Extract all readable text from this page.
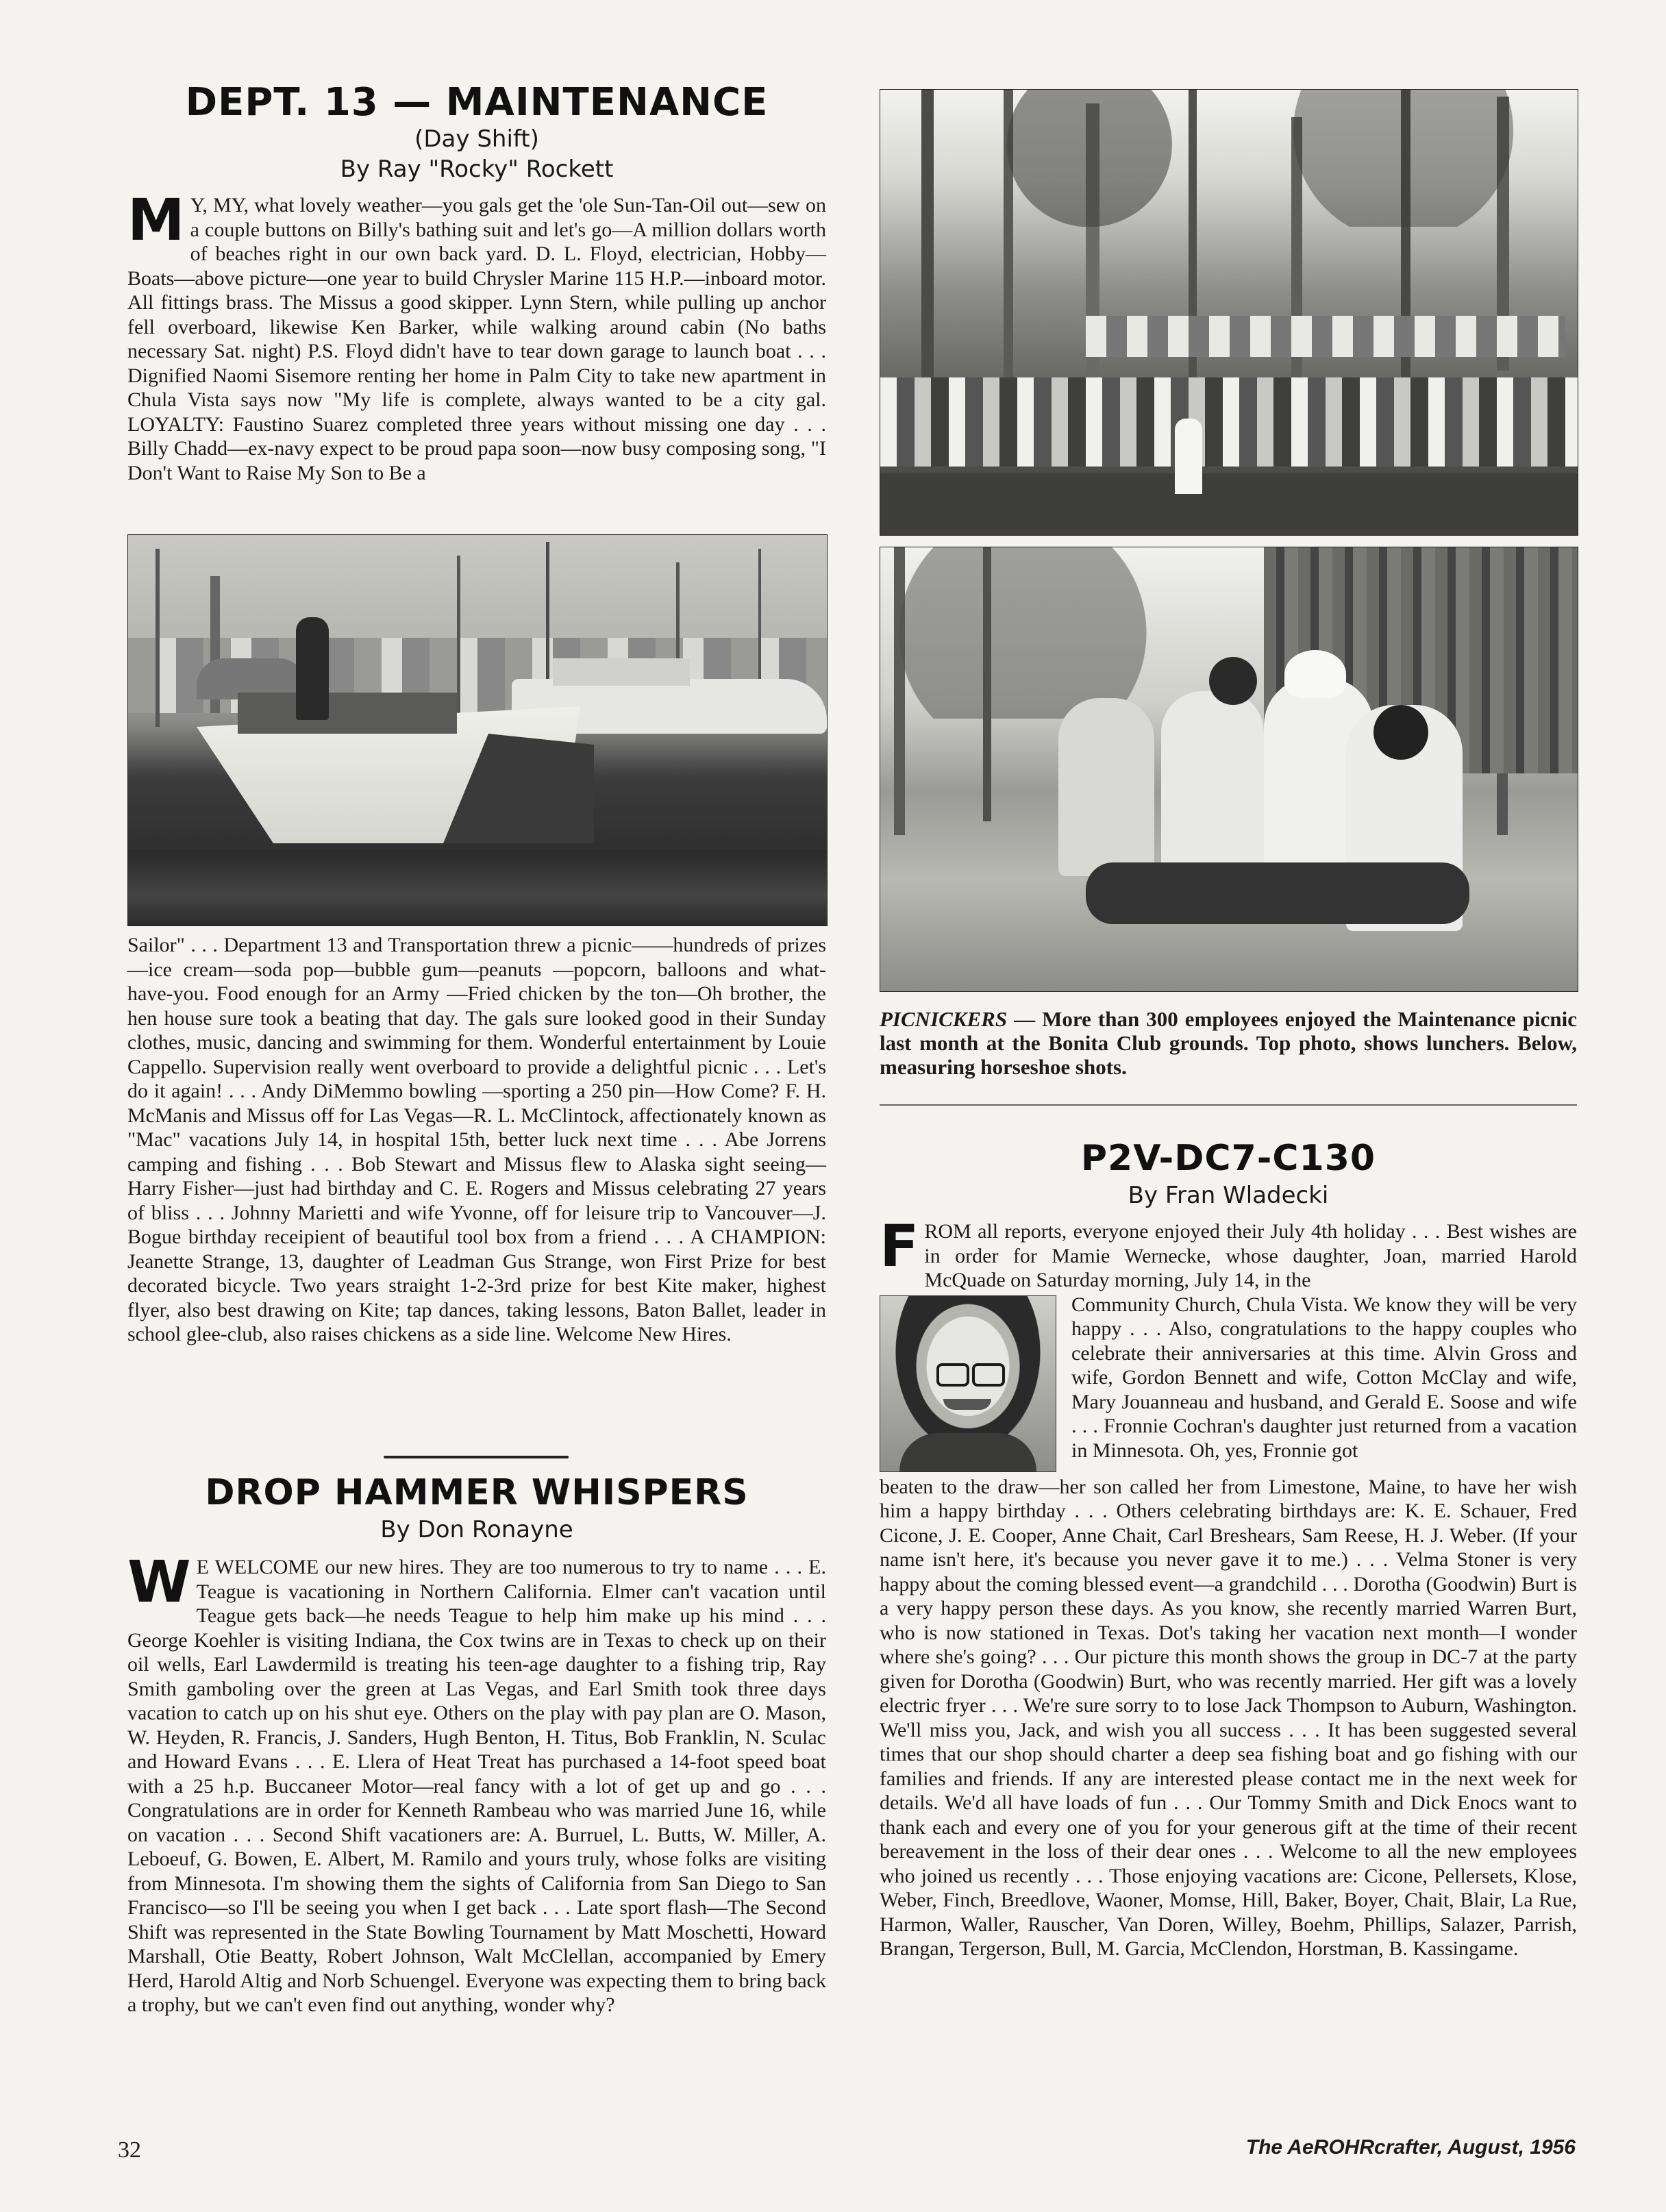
DEPT. 13 — MAINTENANCE
(Day Shift)
By Ray "Rocky" Rockett

M Y, MY, what lovely weather—you gals get the 'ole Sun-Tan-Oil out—sew on a couple buttons on Billy's bathing suit and let's go—A million dollars worth of beaches right in our own back yard. D. L. Floyd, electrician, Hobby—Boats—above picture—one year to build Chrysler Marine 115 H.P.—inboard motor. All fittings brass. The Missus a good skipper. Lynn Stern, while pulling up anchor fell overboard, likewise Ken Barker, while walking around cabin (No baths necessary Sat. night) P.S. Floyd didn't have to tear down garage to launch boat . . . Dignified Naomi Sisemore renting her home in Palm City to take new apartment in Chula Vista says now "My life is complete, always wanted to be a city gal. LOYALTY: Faustino Suarez completed three years without missing one day . . . Billy Chadd—ex-navy expect to be proud papa soon—now busy composing song, "I Don't Want to Raise My Son to Be a

Sailor" . . . Department 13 and Transportation threw a picnic——hundreds of prizes—ice cream—soda pop—bubble gum—peanuts —popcorn, balloons and what-have-you. Food enough for an Army —Fried chicken by the ton—Oh brother, the hen house sure took a beating that day. The gals sure looked good in their Sunday clothes, music, dancing and swimming for them. Wonderful entertainment by Louie Cappello. Supervision really went overboard to provide a delightful picnic . . . Let's do it again! . . . Andy DiMemmo bowling —sporting a 250 pin—How Come? F. H. McManis and Missus off for Las Vegas—R. L. McClintock, affectionately known as "Mac" vacations July 14, in hospital 15th, better luck next time . . . Abe Jorrens camping and fishing . . . Bob Stewart and Missus flew to Alaska sight seeing—Harry Fisher—just had birthday and C. E. Rogers and Missus celebrating 27 years of bliss . . . Johnny Marietti and wife Yvonne, off for leisure trip to Vancouver—J. Bogue birthday receipient of beautiful tool box from a friend . . . A CHAMPION: Jeanette Strange, 13, daughter of Leadman Gus Strange, won First Prize for best decorated bicycle. Two years straight 1-2-3rd prize for best Kite maker, highest flyer, also best drawing on Kite; tap dances, taking lessons, Baton Ballet, leader in school glee-club, also raises chickens as a side line. Welcome New Hires.

DROP HAMMER WHISPERS
By Don Ronayne

W E WELCOME our new hires. They are too numerous to try to name . . . E. Teague is vacationing in Northern California. Elmer can't vacation until Teague gets back—he needs Teague to help him make up his mind . . . George Koehler is visiting Indiana, the Cox twins are in Texas to check up on their oil wells, Earl Lawdermild is treating his teen-age daughter to a fishing trip, Ray Smith gamboling over the green at Las Vegas, and Earl Smith took three days vacation to catch up on his shut eye. Others on the play with pay plan are O. Mason, W. Heyden, R. Francis, J. Sanders, Hugh Benton, H. Titus, Bob Franklin, N. Sculac and Howard Evans . . . E. Llera of Heat Treat has purchased a 14-foot speed boat with a 25 h.p. Buccaneer Motor—real fancy with a lot of get up and go . . . Congratulations are in order for Kenneth Rambeau who was married June 16, while on vacation . . . Second Shift vacationers are: A. Burruel, L. Butts, W. Miller, A. Leboeuf, G. Bowen, E. Albert, M. Ramilo and yours truly, whose folks are visiting from Minnesota. I'm showing them the sights of California from San Diego to San Francisco—so I'll be seeing you when I get back . . . Late sport flash—The Second Shift was represented in the State Bowling Tournament by Matt Moschetti, Howard Marshall, Otie Beatty, Robert Johnson, Walt McClellan, accompanied by Emery Herd, Harold Altig and Norb Schuengel. Everyone was expecting them to bring back a trophy, but we can't even find out anything, wonder why?

PICNICKERS — More than 300 employees enjoyed the Maintenance picnic last month at the Bonita Club grounds. Top photo, shows lunchers. Below, measuring horseshoe shots.
P2V-DC7-C130
By Fran Wladecki

FROM all reports, everyone enjoyed their July 4th holiday . . . Best wishes are in order for Mamie Wernecke, whose daughter, Joan, married Harold McQuade on Saturday morning, July 14, in the

Community Church, Chula Vista. We know they will be very happy . . . Also, congratulations to the happy couples who celebrate their anniversaries at this time. Alvin Gross and wife, Gordon Bennett and wife, Cotton McClay and wife, Mary Jouanneau and husband, and Gerald E. Soose and wife . . . Fronnie Cochran's daughter just returned from a vacation in Minnesota. Oh, yes, Fronnie got

beaten to the draw—her son called her from Limestone, Maine, to have her wish him a happy birthday . . . Others celebrating birthdays are: K. E. Schauer, Fred Cicone, J. E. Cooper, Anne Chait, Carl Breshears, Sam Reese, H. J. Weber. (If your name isn't here, it's because you never gave it to me.) . . . Velma Stoner is very happy about the coming blessed event—a grandchild . . . Dorotha (Goodwin) Burt is a very happy person these days. As you know, she recently married Warren Burt, who is now stationed in Texas. Dot's taking her vacation next month—I wonder where she's going? . . . Our picture this month shows the group in DC-7 at the party given for Dorotha (Goodwin) Burt, who was recently married. Her gift was a lovely electric fryer . . . We're sure sorry to to lose Jack Thompson to Auburn, Washington. We'll miss you, Jack, and wish you all success . . . It has been suggested several times that our shop should charter a deep sea fishing boat and go fishing with our families and friends. If any are interested please contact me in the next week for details. We'd all have loads of fun . . . Our Tommy Smith and Dick Enocs want to thank each and every one of you for your generous gift at the time of their recent bereavement in the loss of their dear ones . . . Welcome to all the new employees who joined us recently . . . Those enjoying vacations are: Cicone, Pellersets, Klose, Weber, Finch, Breedlove, Waoner, Momse, Hill, Baker, Boyer, Chait, Blair, La Rue, Harmon, Waller, Rauscher, Van Doren, Willey, Boehm, Phillips, Salazer, Parrish, Brangan, Tergerson, Bull, M. Garcia, McClendon, Horstman, B. Kassingame.

32	The AeROHRcrafter, August, 1956
